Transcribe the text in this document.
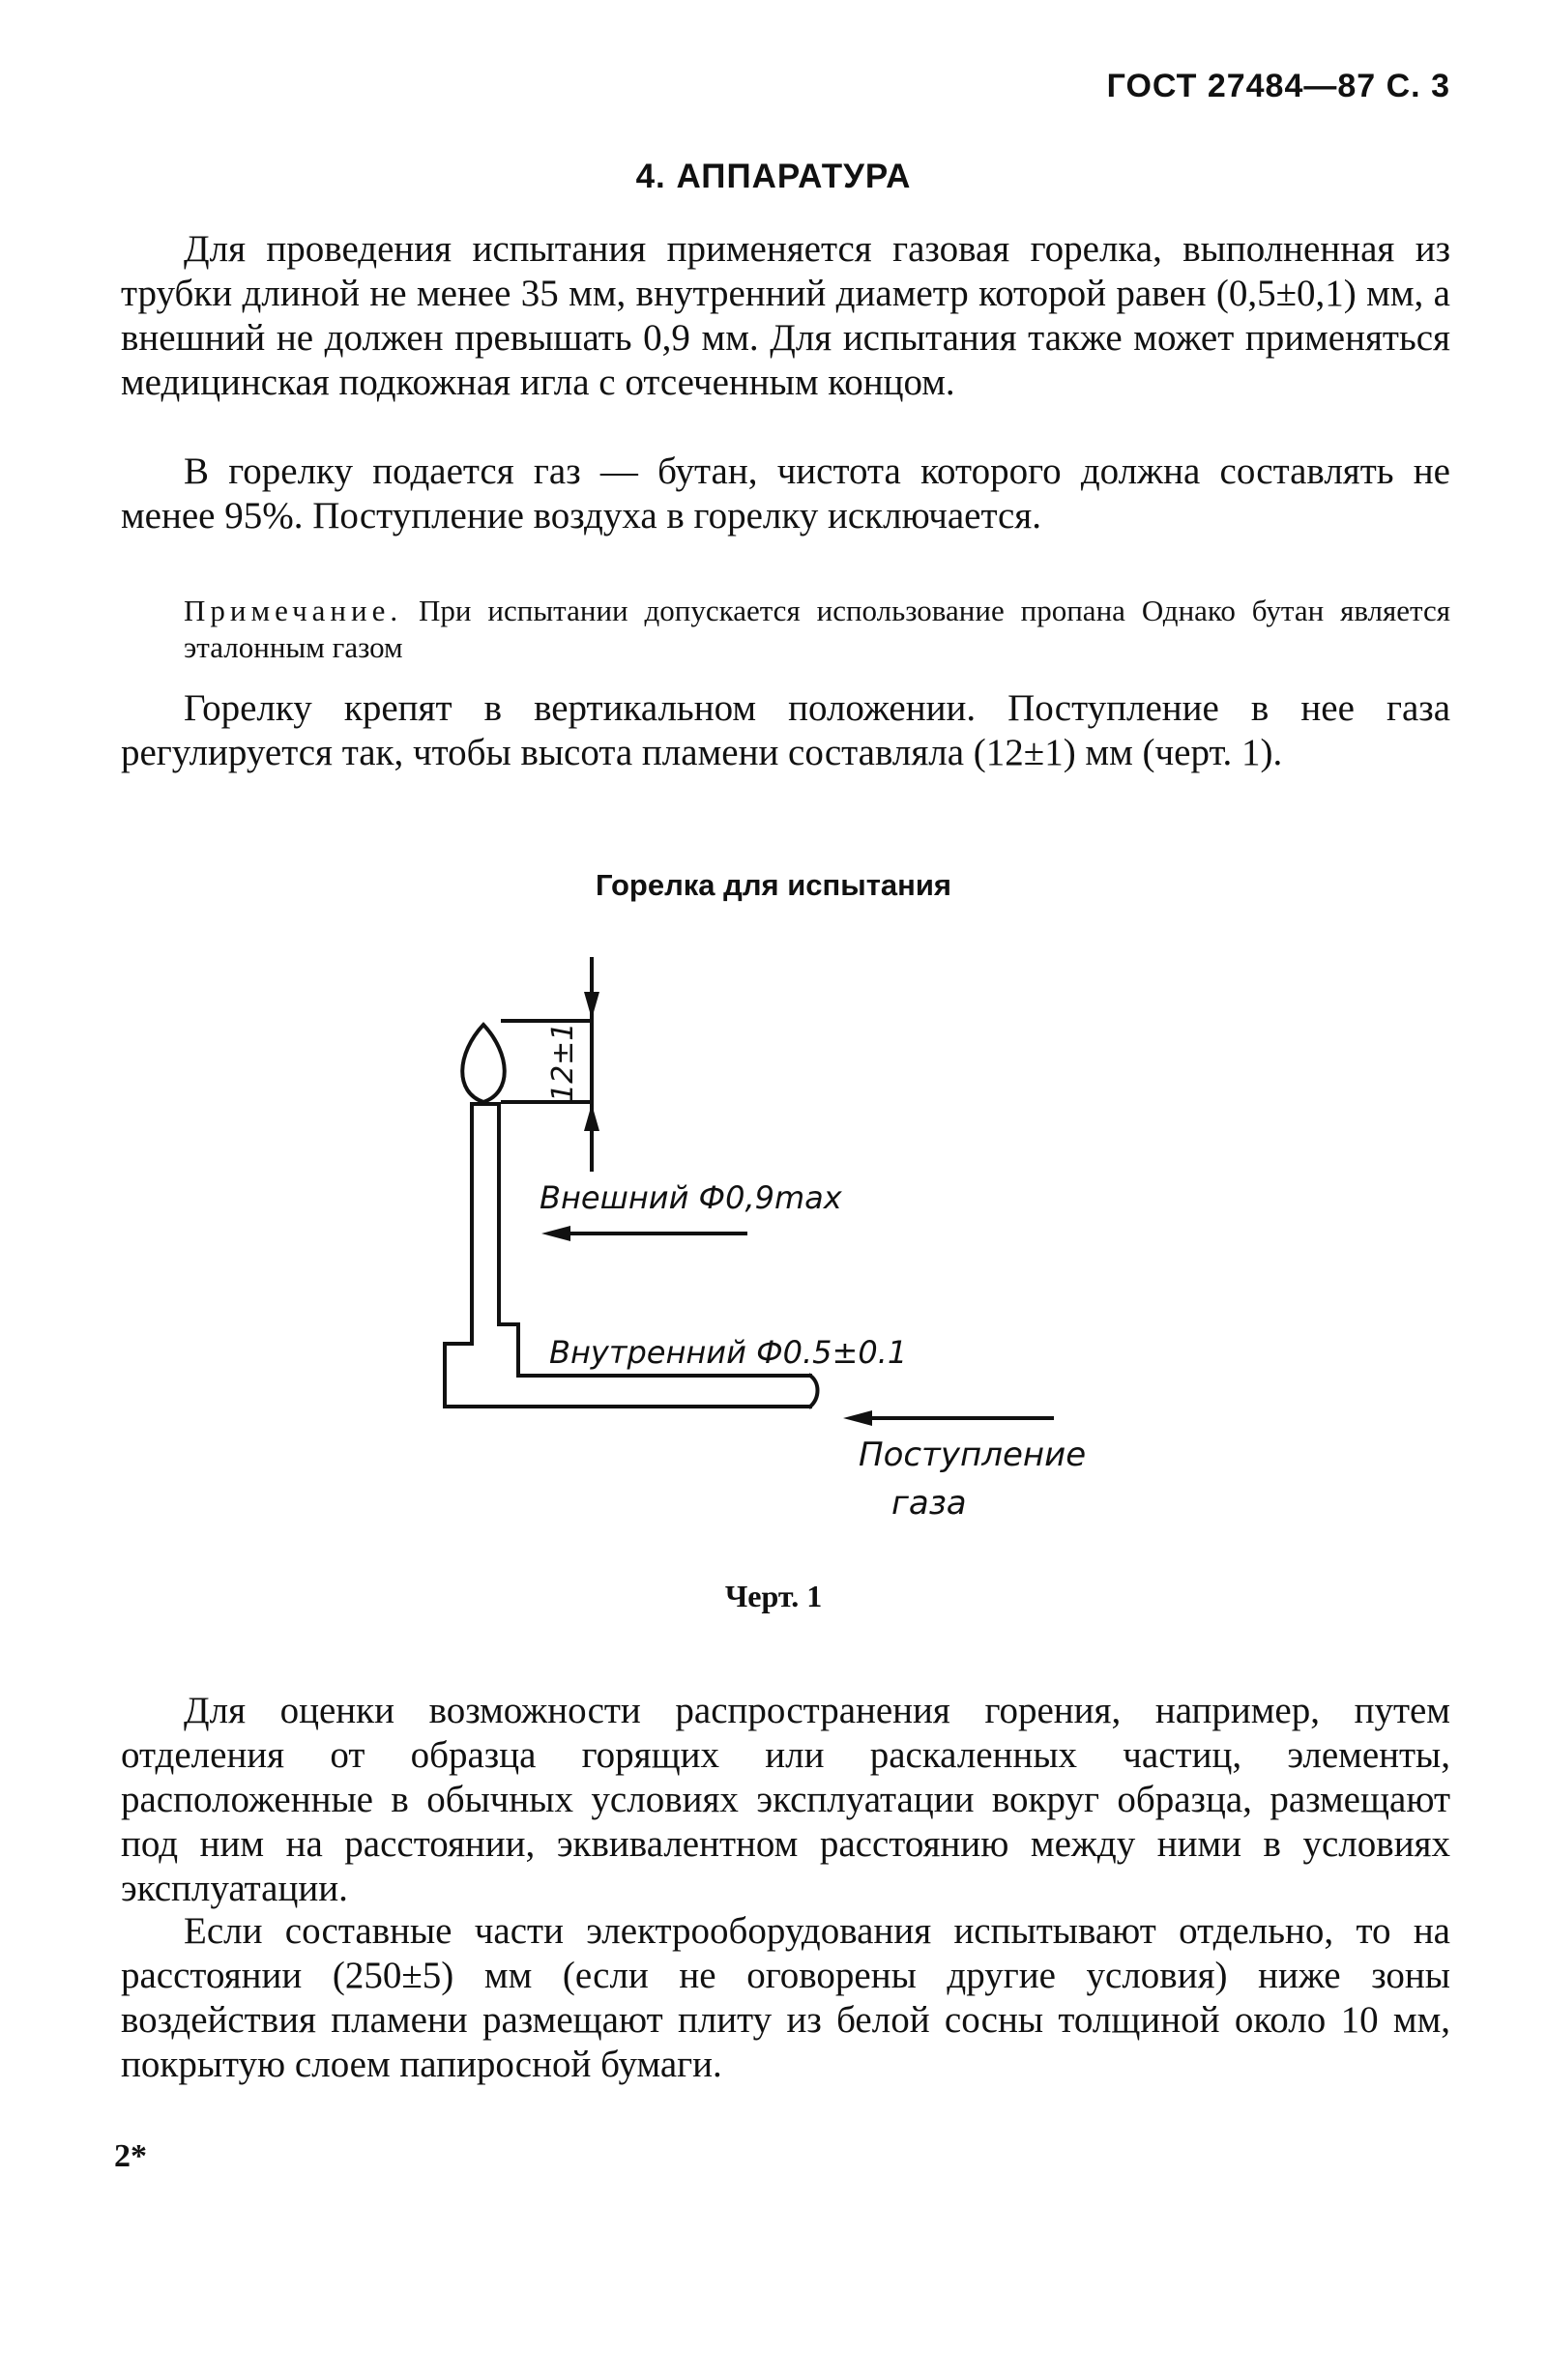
ГОСТ 27484—87 С. 3
4. АППАРАТУРА

Для проведения испытания применяется газовая горелка, выполненная из трубки длиной не менее 35 мм, внутренний диаметр которой равен (0,5±0,1) мм, а внешний не должен превышать 0,9 мм. Для испытания также может применяться медицинская подкожная игла с отсеченным концом.

В горелку подается газ — бутан, чистота которого должна составлять не менее 95%. Поступление воздуха в горелку исключается.

Примечание. При испытании допускается использование пропана Однако бутан является эталонным газом

Горелку крепят в вертикальном положении. Поступление в нее газа регулируется так, чтобы высота пламени составляла (12±1) мм (черт. 1).

Горелка для испытания
12±1
Внешний Ф0,9max
Внутренний Ф0.5±0.1
Поступление
газа
Черт. 1

Для оценки возможности распространения горения, например, путем отделения от образца горящих или раскаленных частиц, элементы, расположенные в обычных условиях эксплуатации вокруг образца, размещают под ним на расстоянии, эквивалентном расстоянию между ними в условиях эксплуатации.

Если составные части электрооборудования испытывают отдельно, то на расстоянии (250±5) мм (если не оговорены другие условия) ниже зоны воздействия пламени размещают плиту из белой сосны толщиной около 10 мм, покрытую слоем папиросной бумаги.

2*
